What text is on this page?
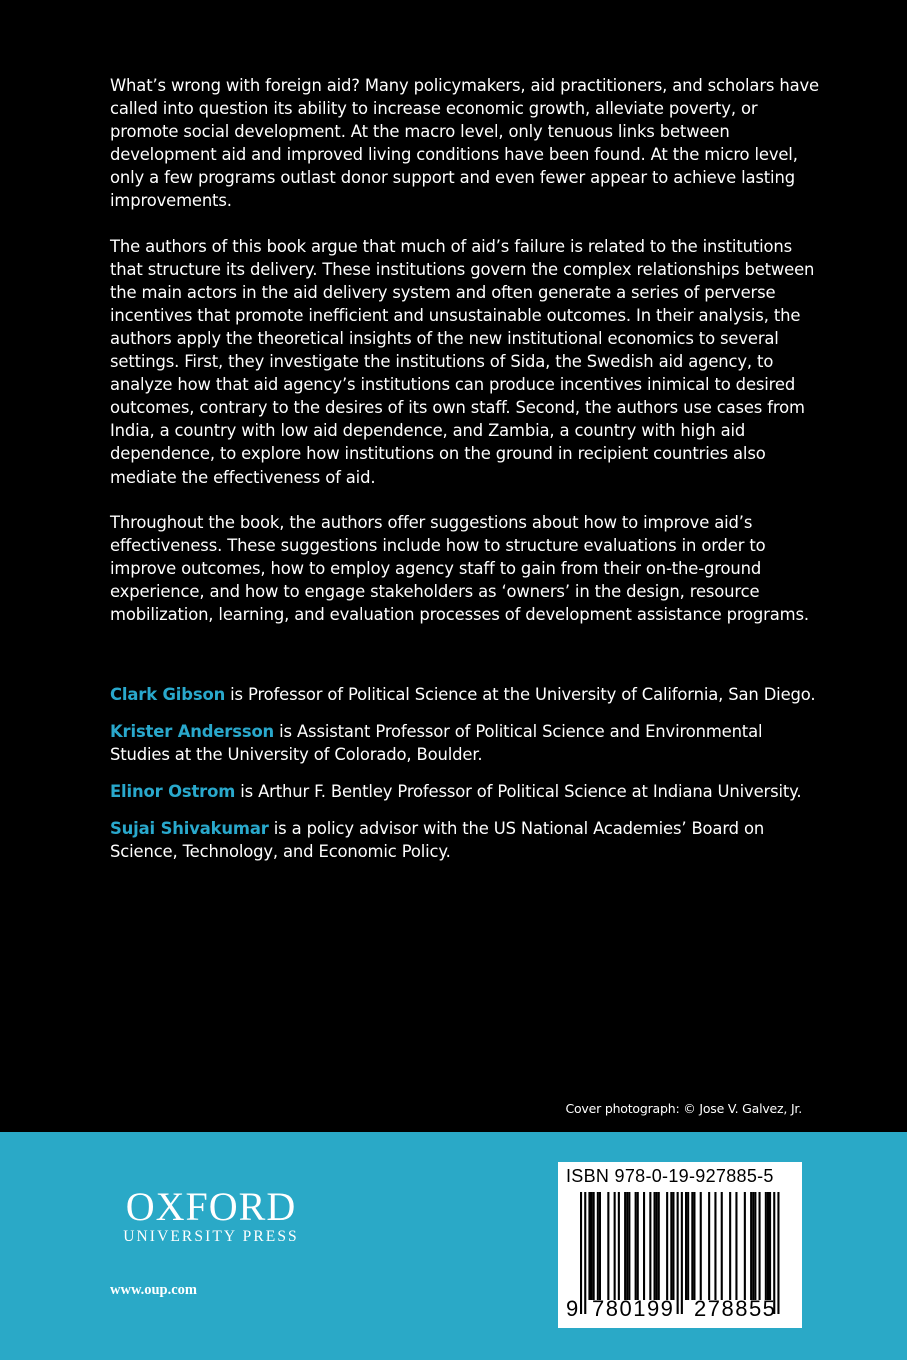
What’s wrong with foreign aid? Many policymakers, aid practitioners, and scholars have called into question its ability to increase economic growth, alleviate poverty, or promote social development. At the macro level, only tenuous links between development aid and improved living conditions have been found. At the micro level, only a few programs outlast donor support and even fewer appear to achieve lasting improvements.

The authors of this book argue that much of aid’s failure is related to the institutions that structure its delivery. These institutions govern the complex relationships between the main actors in the aid delivery system and often generate a series of perverse incentives that promote inefficient and unsustainable outcomes. In their analysis, the authors apply the theoretical insights of the new institutional economics to several settings. First, they investigate the institutions of Sida, the Swedish aid agency, to analyze how that aid agency’s institutions can produce incentives inimical to desired outcomes, contrary to the desires of its own staff. Second, the authors use cases from India, a country with low aid dependence, and Zambia, a country with high aid dependence, to explore how institutions on the ground in recipient countries also mediate the effectiveness of aid.

Throughout the book, the authors offer suggestions about how to improve aid’s effectiveness. These suggestions include how to structure evaluations in order to improve outcomes, how to employ agency staff to gain from their on-the-ground experience, and how to engage stakeholders as ‘owners’ in the design, resource mobilization, learning, and evaluation processes of development assistance programs.

Clark Gibson is Professor of Political Science at the University of California, San Diego.
Krister Andersson is Assistant Professor of Political Science and Environmental Studies at the University of Colorado, Boulder.
Elinor Ostrom is Arthur F. Bentley Professor of Political Science at Indiana University.
Sujai Shivakumar is a policy advisor with the US National Academies’ Board on Science, Technology, and Economic Policy.
Cover photograph: © Jose V. Galvez, Jr.
OXFORD
UNIVERSITY PRESS
www.oup.com
ISBN 978-0-19-927885-5
9 780199 278855
